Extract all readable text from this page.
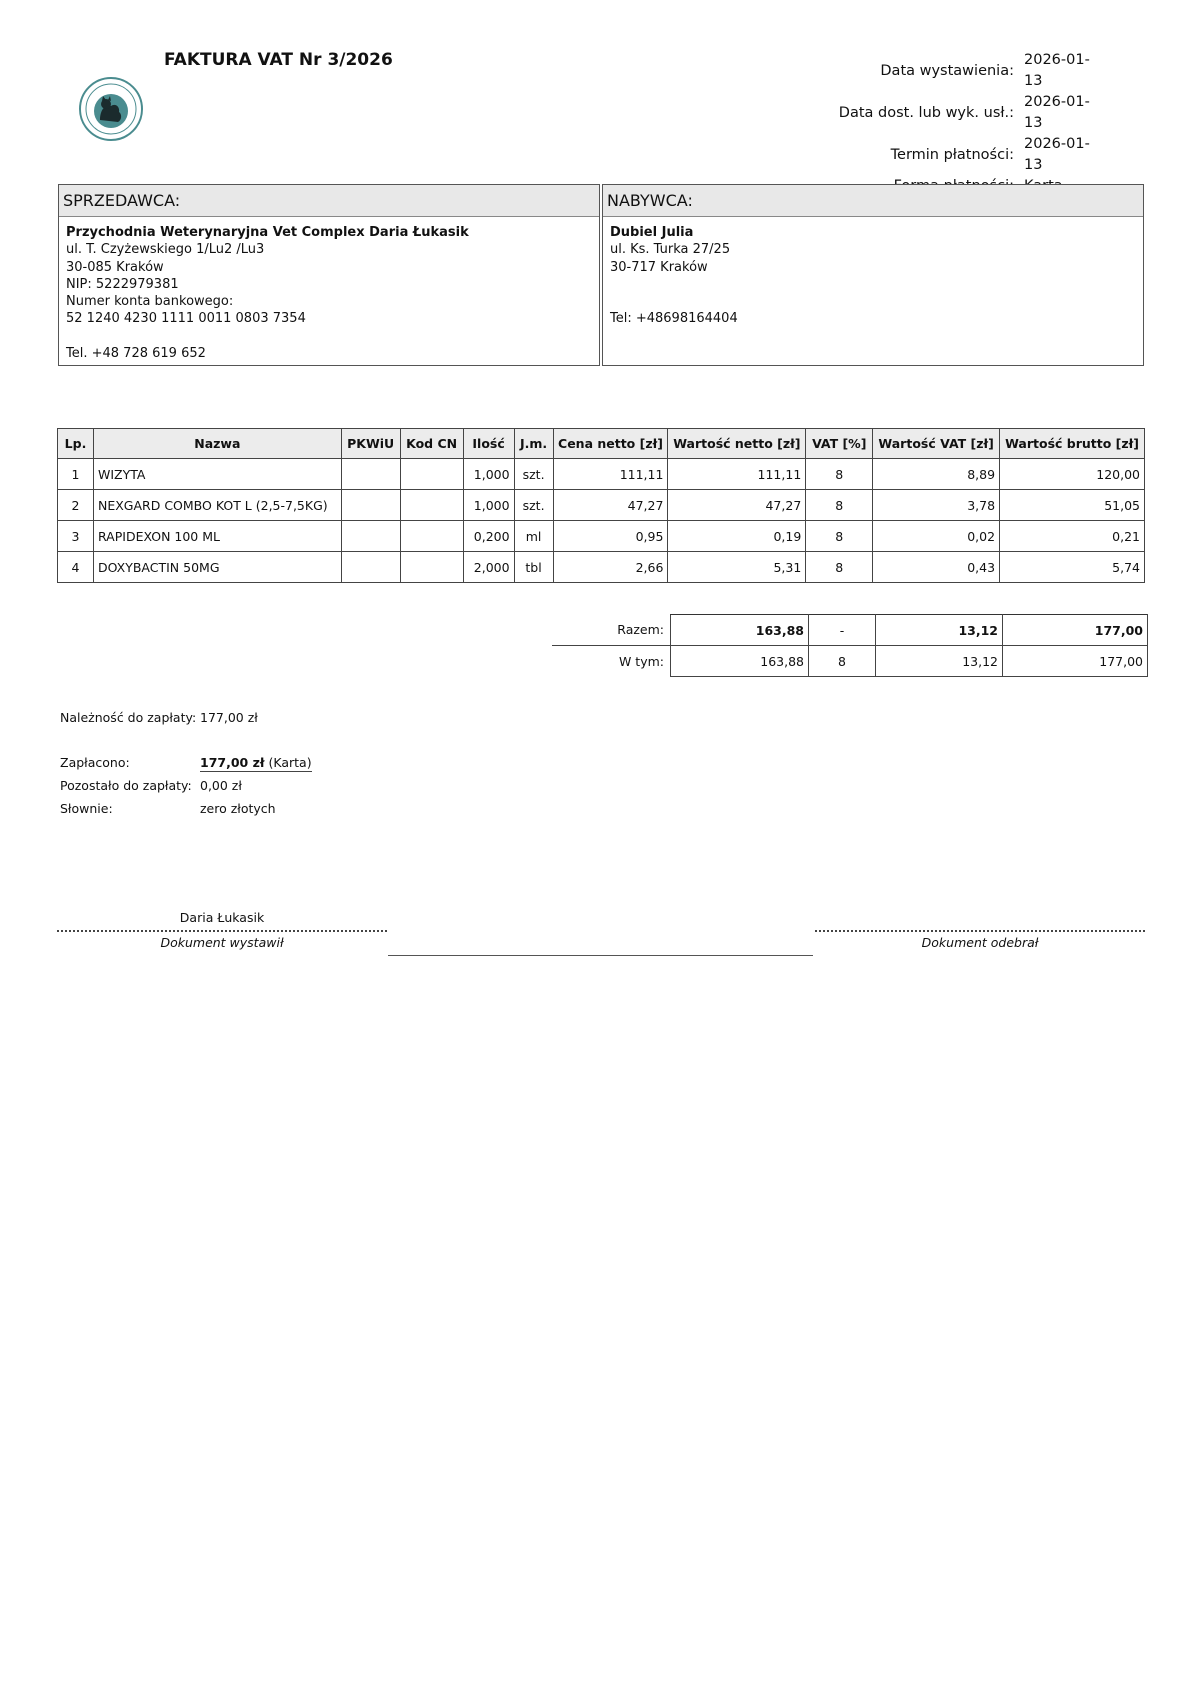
FAKTURA VAT Nr 3/2026
Data wystawienia:	2026-01-13
Data dost. lub wyk. usł.:	2026-01-13
Termin płatności:	2026-01-13

SPRZEDAWCA:
Przychodnia Weterynaryjna Vet Complex Daria Łukasik
ul. T. Czyżewskiego 1/Lu2 /Lu3
30-085 Kraków
NIP: 5222979381
Numer konta bankowego:
52 1240 4230 1111 0011 0803 7354
Tel. +48 728 619 652
NABYWCA:
Dubiel Julia
ul. Ks. Turka 27/25
30-717 Kraków
Tel: +48698164404
Lp.	Nazwa	PKWiU	Kod CN	Ilość	J.m.	Cena netto [zł]	Wartość netto [zł]	VAT [%]	Wartość VAT [zł]	Wartość brutto [zł]
1	WIZYTA			1,000	szt.	111,11	111,11	8	8,89	120,00
2	NEXGARD COMBO KOT L (2,5-7,5KG)			1,000	szt.	47,27	47,27	8	3,78	51,05
3	RAPIDEXON 100 ML			0,200	ml	0,95	0,19	8	0,02	0,21
4	DOXYBACTIN 50MG			2,000	tbl	2,66	5,31	8	0,43	5,74
Razem:	163,88	-	13,12	177,00
W tym:	163,88	8	13,12	177,00
Należność do zapłaty: 177,00 zł
Zapłacono:	177,00 zł (Karta)
Pozostało do zapłaty: 0,00 zł
Słownie:	zero złotych
Daria Łukasik
Dokument wystawił	Dokument odebrał
